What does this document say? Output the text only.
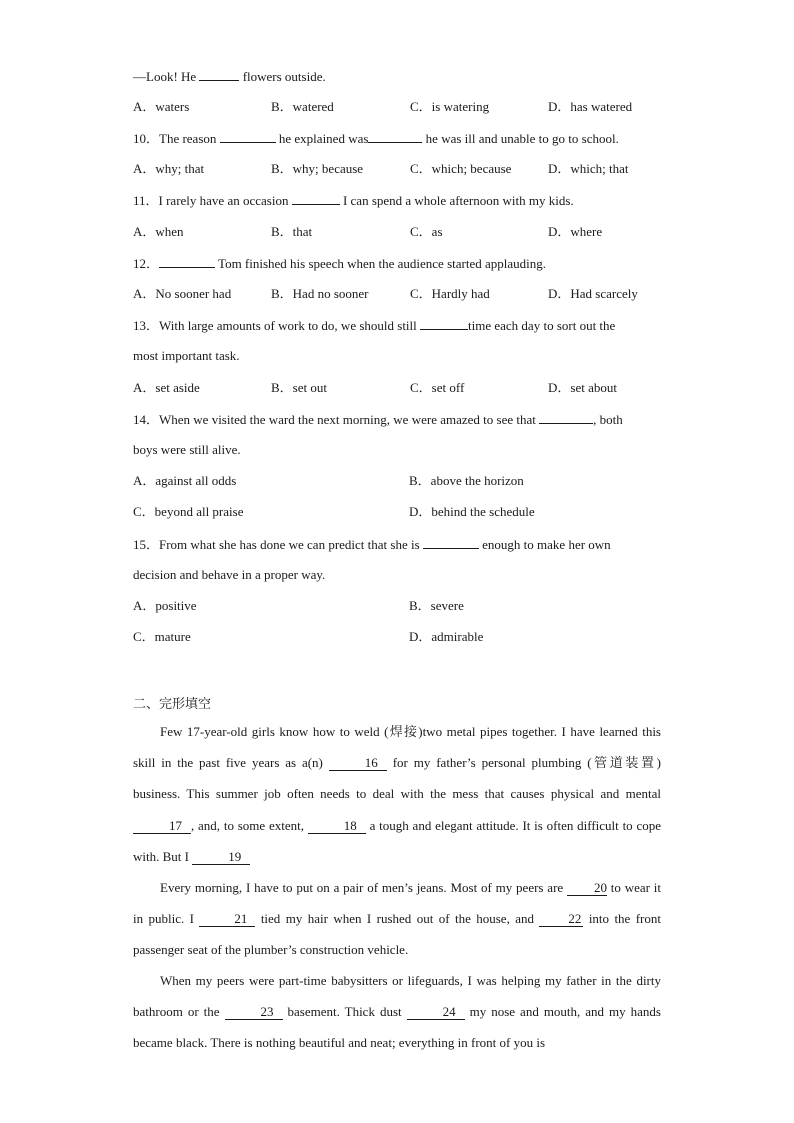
—Look! He	flowers outside.
A．waters	B．watered	C．is watering	D．has watered
10．The reason	he explained was	he was ill and unable to go to school.
A．why; that	B．why; because	C．which; because	D．which; that
11．I rarely have an occasion	I can spend a whole afternoon with my kids.
A．when	B．that	C．as	D．where
12．	Tom finished his speech when the audience started applauding.
A．No sooner had	B．Had no sooner	C．Hardly had	D．Had scarcely
13．With large amounts of work to do, we should still	time each day to sort out the
most important task.
A．set aside	B．set out	C．set off	D．set about
14．When we visited the ward the next morning, we were amazed to see that	, both
boys were still alive.
A．against all odds	B．above the horizon
C．beyond all praise	D．behind the schedule
15．From what she has done we can predict that she is	enough to make her own
decision and behave in a proper way.
A．positive	B．severe
C．mature	D．admirable
二、完形填空
Few 17-year-old girls know how to weld (焊接)two metal pipes together. I have learned this skill in the past five years as a(n)	16 for my father’s personal plumbing (管道装置) business. This summer job often needs to deal with the mess that causes physical and mental 17 , and, to some extent,	18 a tough and elegant attitude. It is often difficult to cope with. But I	19
Every morning, I have to put on a pair of men’s jeans. Most of my peers are 20 to wear it in public. I	21 tied my hair when I rushed out of the house, and	22 into the front passenger seat of the plumber’s construction vehicle.
When my peers were part-time babysitters or lifeguards, I was helping my father in the dirty bathroom or the	23 basement. Thick dust	24 my nose and mouth, and my hands became black. There is nothing beautiful and neat; everything in front of you is
